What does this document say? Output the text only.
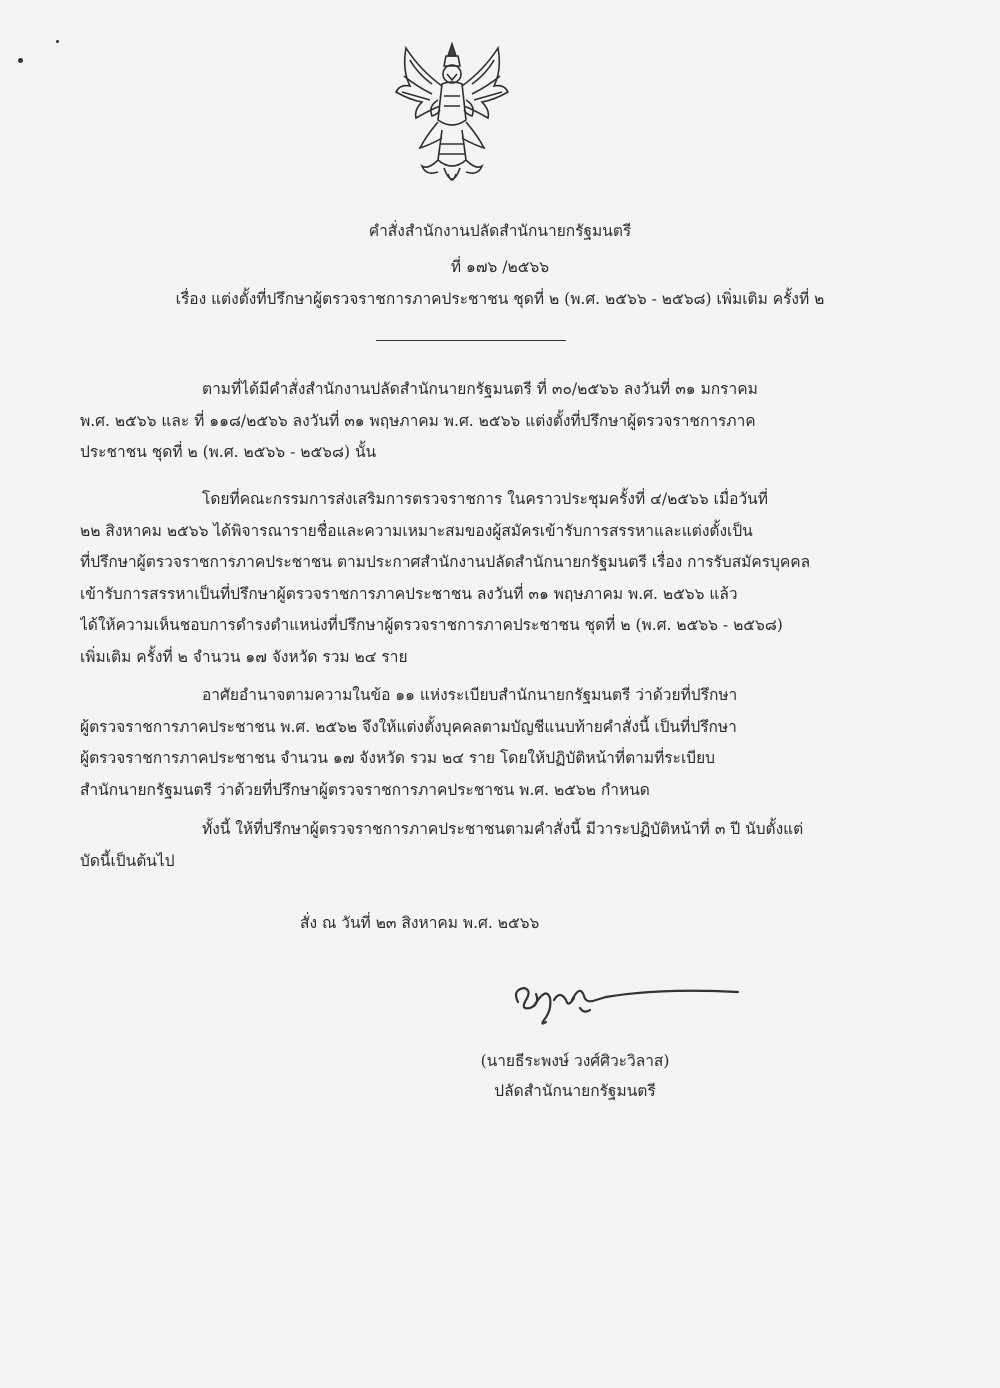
คำสั่งสำนักงานปลัดสำนักนายกรัฐมนตรี
ที่ ๑๗๖ /๒๕๖๖
เรื่อง แต่งตั้งที่ปรึกษาผู้ตรวจราชการภาคประชาชน ชุดที่ ๒ (พ.ศ. ๒๕๖๖ - ๒๕๖๘) เพิ่มเติม ครั้งที่ ๒
ตามที่ได้มีคำสั่งสำนักงานปลัดสำนักนายกรัฐมนตรี ที่ ๓๐/๒๕๖๖ ลงวันที่ ๓๑ มกราคม
พ.ศ. ๒๕๖๖ และ ที่ ๑๑๘/๒๕๖๖ ลงวันที่ ๓๑ พฤษภาคม พ.ศ. ๒๕๖๖ แต่งตั้งที่ปรึกษาผู้ตรวจราชการภาค
ประชาชน ชุดที่ ๒ (พ.ศ. ๒๕๖๖ - ๒๕๖๘) นั้น
โดยที่คณะกรรมการส่งเสริมการตรวจราชการ ในคราวประชุมครั้งที่ ๔/๒๕๖๖ เมื่อวันที่
๒๒ สิงหาคม ๒๕๖๖ ได้พิจารณารายชื่อและความเหมาะสมของผู้สมัครเข้ารับการสรรหาและแต่งตั้งเป็น
ที่ปรึกษาผู้ตรวจราชการภาคประชาชน ตามประกาศสำนักงานปลัดสำนักนายกรัฐมนตรี เรื่อง การรับสมัครบุคคล
เข้ารับการสรรหาเป็นที่ปรึกษาผู้ตรวจราชการภาคประชาชน ลงวันที่ ๓๑ พฤษภาคม พ.ศ. ๒๕๖๖ แล้ว
ได้ให้ความเห็นชอบการดำรงตำแหน่งที่ปรึกษาผู้ตรวจราชการภาคประชาชน ชุดที่ ๒ (พ.ศ. ๒๕๖๖ - ๒๕๖๘)
เพิ่มเติม ครั้งที่ ๒ จำนวน ๑๗ จังหวัด รวม ๒๔ ราย
อาศัยอำนาจตามความในข้อ ๑๑ แห่งระเบียบสำนักนายกรัฐมนตรี ว่าด้วยที่ปรึกษา
ผู้ตรวจราชการภาคประชาชน พ.ศ. ๒๕๖๒ จึงให้แต่งตั้งบุคคลตามบัญชีแนบท้ายคำสั่งนี้ เป็นที่ปรึกษา
ผู้ตรวจราชการภาคประชาชน จำนวน ๑๗ จังหวัด รวม ๒๔ ราย โดยให้ปฏิบัติหน้าที่ตามที่ระเบียบ
สำนักนายกรัฐมนตรี ว่าด้วยที่ปรึกษาผู้ตรวจราชการภาคประชาชน พ.ศ. ๒๕๖๒ กำหนด
ทั้งนี้ ให้ที่ปรึกษาผู้ตรวจราชการภาคประชาชนตามคำสั่งนี้ มีวาระปฏิบัติหน้าที่ ๓ ปี นับตั้งแต่
บัดนี้เป็นต้นไป
สั่ง ณ วันที่ ๒๓ สิงหาคม พ.ศ. ๒๕๖๖
(นายธีระพงษ์ วงศ์ศิวะวิลาส)
ปลัดสำนักนายกรัฐมนตรี
